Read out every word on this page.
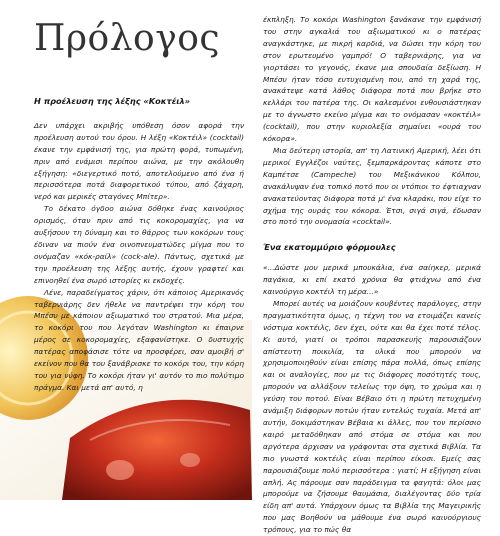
Πρόλογος
Η προέλευση της λέξης «Κοκτέιλ»

Δεν υπάρχει ακριβής υπόθεση όσον αφορά την προέλευση αυτού του όρου. Η λέξη «Κοκτέιλ» (cocktail) έκανε την εμφάνισή της, για πρώτη φορά, τυπωμένη, πριν από ενάμισι περίπου αιώνα, με την ακόλουθη εξήγηση: «διεγερτικό ποτό, αποτελούμενο από ένα ή περισσότερα ποτά διαφορετικού τύπου, από ζάχαρη, νερό και μερικές σταγόνες Μπίτερ».

Το δέκατο όγδοο αιώνα δόθηκε ένας καινούριος ορισμός, όταν πριν από τις κοκορομαχίες, για να αυξήσουν τη δύναμη και το θάρρος των κοκόρων τους έδιναν να πιούν ένα οινοπνευματώδες μίγμα που το ονόμαζαν «κόκ-ραίλ» (cock-ale). Πάντως, σχετικά με την προέλευση της λέξης αυτής, έχουν γραφτεί και επινοηθεί ένα σωρό ιστορίες κι εκδοχές.

Λένε, παραδείγματος χάριν, ότι κάποιος Αμερικανός ταβερνιάρης δεν ήθελε να παντρέψει την κόρη του Μπέσυ με κάποιον αξιωματικό του στρατού. Μια μέρα, το κοκόρι του που λεγόταν Washington κι έπαιρνε μέρος σε κοκορομαχίες, εξαφανίστηκε. Ο δυστυχής πατέρας αποφάσισε τότε να προσφέρει, σαν αμοιβή σ' εκείνον που θα του ξανάβρισκε το κοκόρι του, την κόρη του για νύφη. Το κοκόρι ήταν γι' αυτόν το πιο πολύτιμο πράγμα. Και μετά απ' αυτό, η

έκπληξη. Το κοκόρι Washington ξανάκανε την εμφάνισή του στην αγκαλιά του αξιωματικού κι ο πατέρας αναγκάστηκε, με πικρή καρδιά, να δώσει την κόρη του στον ερωτευμένο γαμπρό! Ο ταβερνιάρης, για να γιορτάσει το γεγονός, έκανε μια σπουδαία δεξίωση. Η Μπέσυ ήταν τόσο ευτυχισμένη που, από τη χαρά της, ανακάτεψε κατά λάθος διάφορα ποτά που βρήκε στο κελλάρι του πατέρα της. Οι καλεσμένοι ενθουσιάστηκαν με το άγνωστο εκείνο μίγμα και το ονόμασαν «κοκτέιλ» (cocktail), που στην κυριολεξία σημαίνει «ουρά του κόκορα».

Μια δεύτερη ιστορία, απ' τη Λατινική Αμερική, λέει ότι μερικοί Εγγλέζοι ναύτες, ξεμπαρκάροντας κάποτε στο Καμπέτσε (Campeche) του Μεξικάνικου Κόλπου, ανακάλυψαν ένα τοπικό ποτό που οι ντόπιοι το έφτιαχναν ανακατεύοντας διάφορα ποτά μ' ένα κλαράκι, που είχε το σχήμα της ουράς του κόκορα. Έτσι, σιγά σιγά, έδωσαν στο ποτό την ονομασία «cocktail».

Ένα εκατομμύριο φόρμουλες

«...Δώστε μου μερικά μπουκάλια, ένα σαίηκερ, μερικά παγάκια, κι επί εκατό χρόνια θα φτιάχνω από ένα καινούργιο κοκτέιλ τη μέρα...»

Μπορεί αυτές να μοιάζουν κουβέντες παράλογες, στην πραγματικότητα όμως, η τέχνη του να ετοιμάζει κανείς νόστιμα κοκτέιλς, δεν έχει, ούτε και θα έχει ποτέ τέλος. Κι αυτό, γιατί οι τρόποι παρασκευής παρουσιάζουν απίστευτη ποικιλία, τα υλικά που μπορούν να χρησιμοποιηθούν είναι επίσης πάρα πολλά, όπως επίσης και οι αναλογίες, που με τις διάφορες ποσότητές τους, μπορούν να αλλάξουν τελείως την όψη, το χρώμα και η γεύση του ποτού. Είναι Βέβαιο ότι η πρώτη πετυχημένη ανάμιξη διάφορων ποτών ήταν εντελώς τυχαία. Μετά απ' αυτήν, δοκιμάστηκαν Βέβαια κι άλλες, που τον περίσσιο καιρό μεταδόθηκαν από στόμα σε στόμα και που αργότερα άρχισαν να γράφονται στα σχετικά Βιβλία. Τα πιο γνωστά κοκτέιλς είναι περίπου είκοσι. Εμείς σας παρουσιάζουμε πολύ περισσότερα : γιατί; Η εξήγηση είναι απλή. Ας πάρουμε σαν παράδειγμα τα φαγητά: όλοι μας μπορούμε να ζήσουμε θαυμάσια, διαλέγοντας δύο τρία είδη απ' αυτά. Υπάρχουν όμως τα Βιβλία της Μαγειρικής που μας Βοηθούν να μάθουμε ένα σωρό καινούργιους τρόπους, για το πώς θα
